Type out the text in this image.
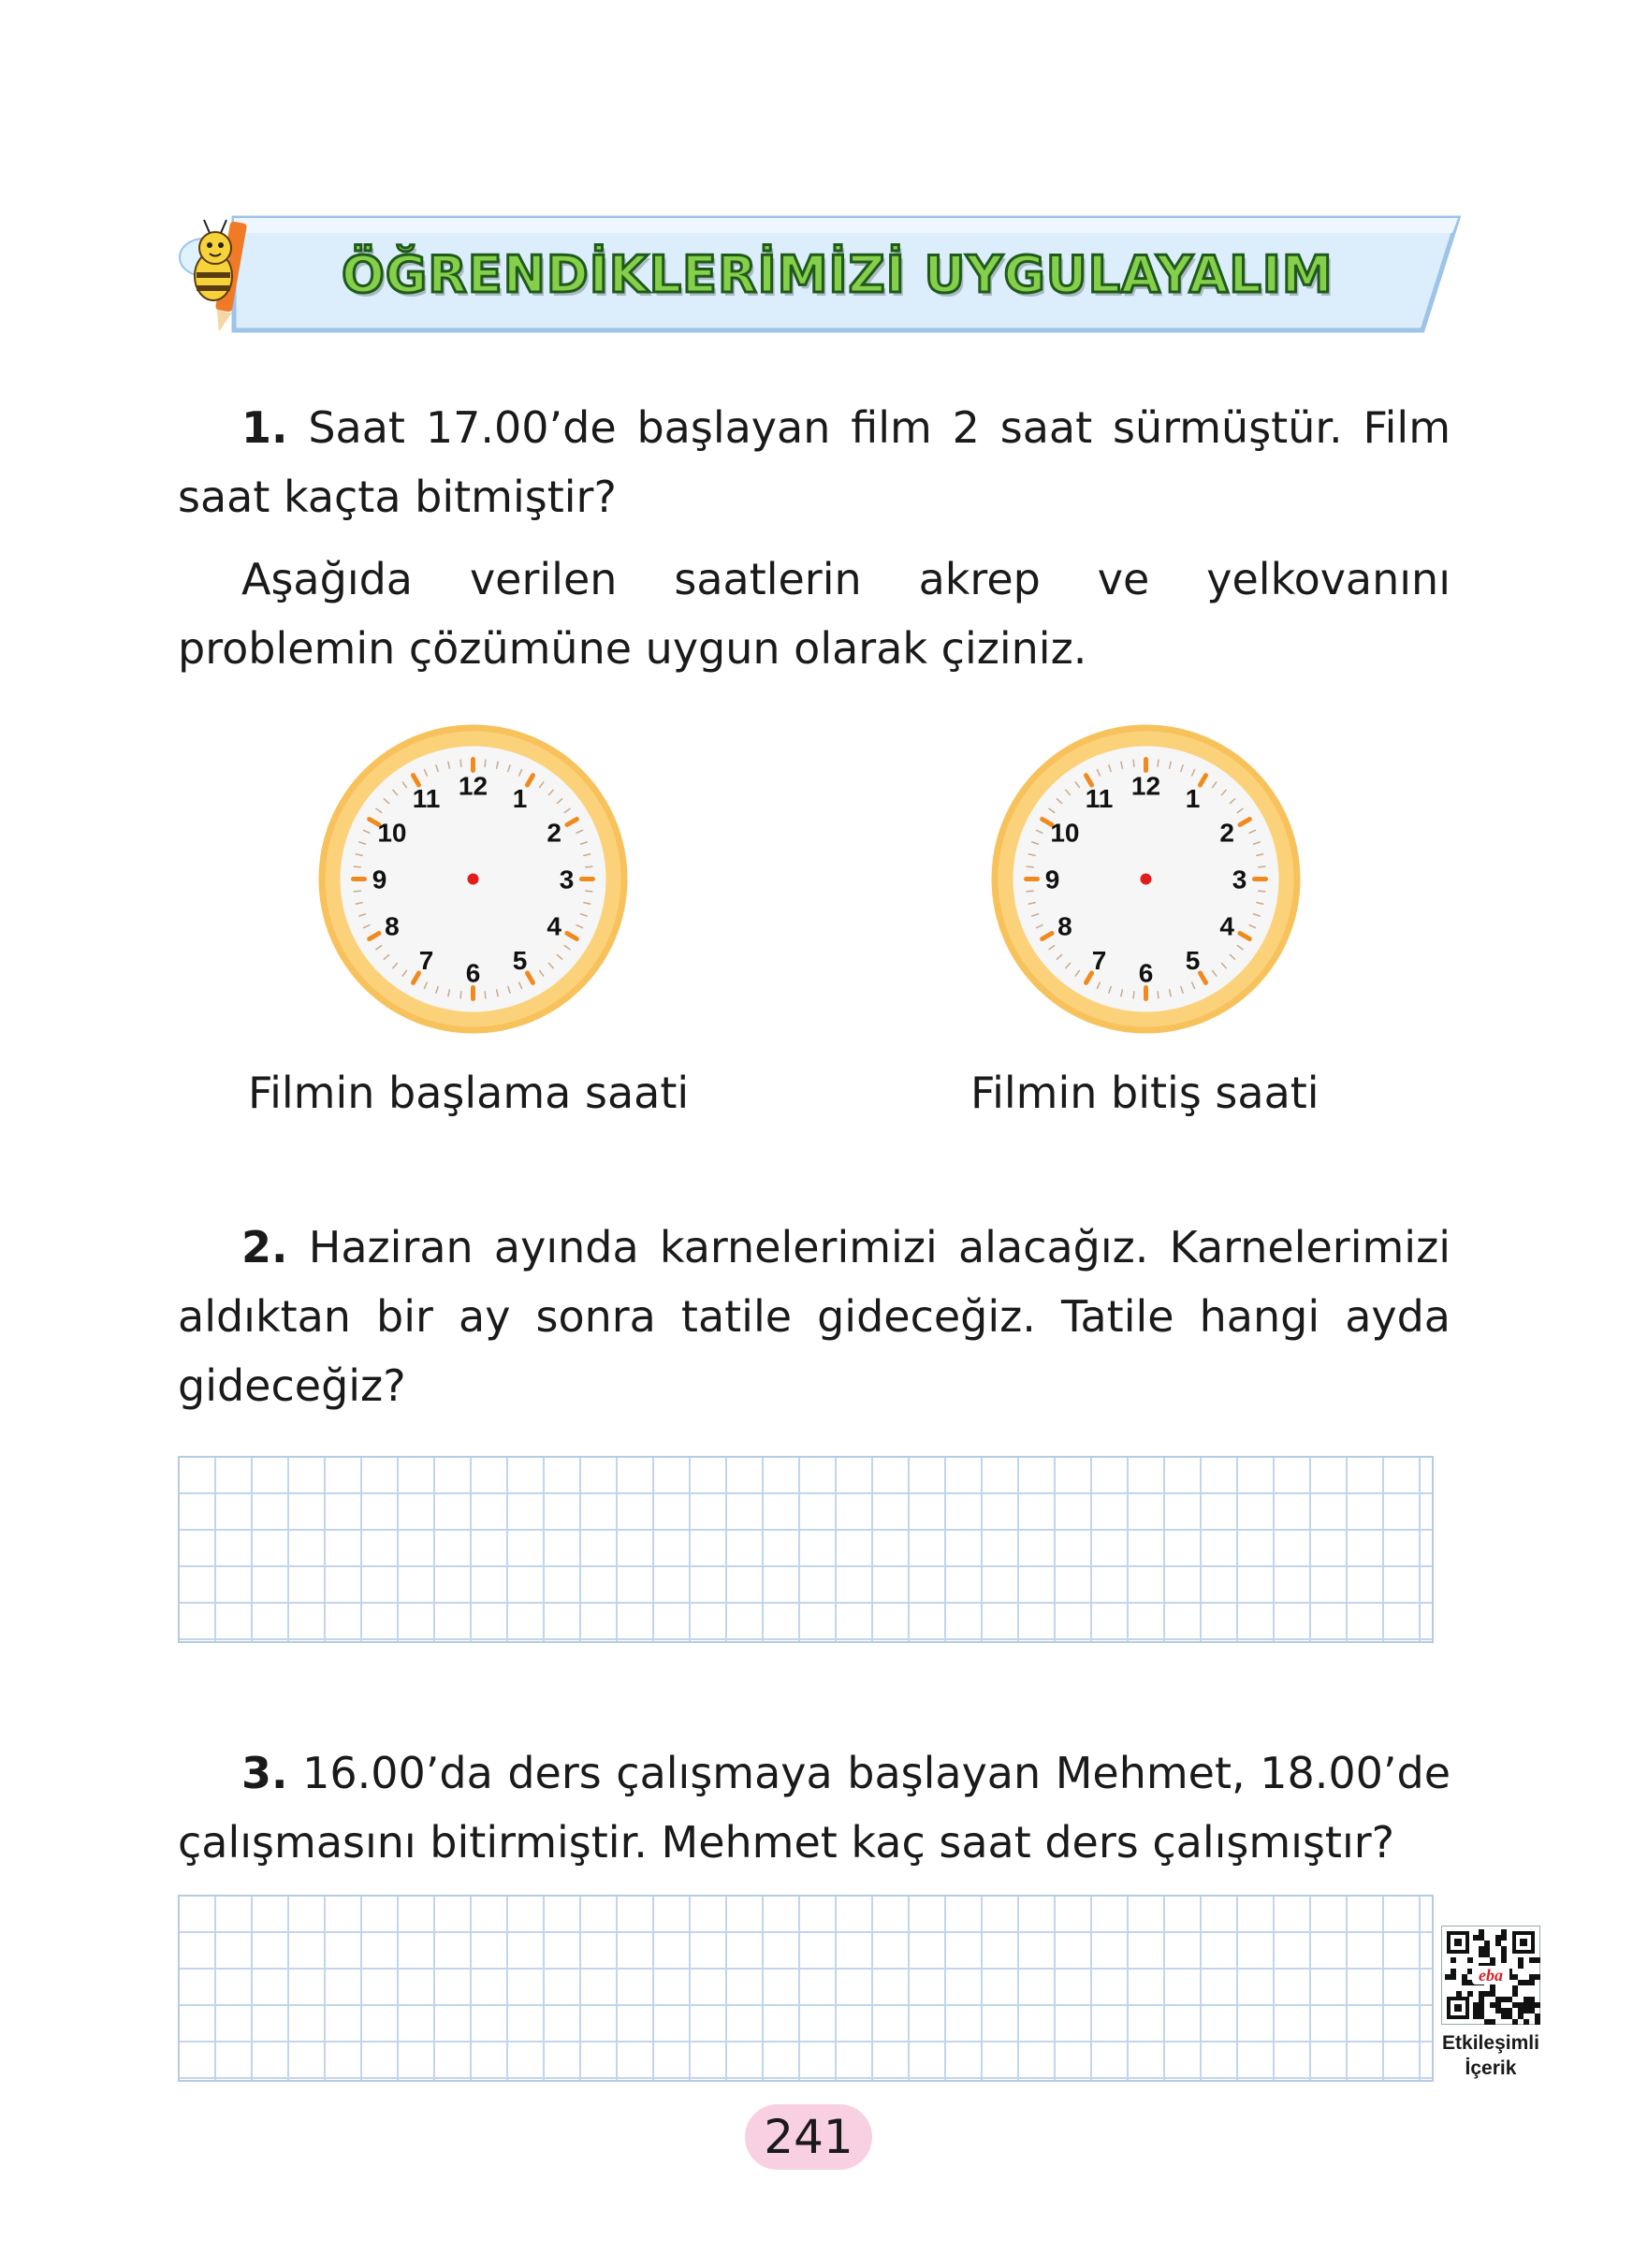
ÖĞRENDİKLERİMİZİ UYGULAYALIM
1. Saat 17.00’de başlayan film 2 saat sürmüştür. Film saat kaçta bitmiştir?
Aşağıda verilen saatlerin akrep ve yelkovanını problemin çözümüne uygun olarak çiziniz.
12 1
2
3
4
5
6
7
8
9
10
11	12 1
2
3
4
5
6
7
8
9
10
11
Filmin başlama saati	Filmin bitiş saati
2. Haziran ayında karnelerimizi alacağız. Karnelerimizi aldıktan bir ay sonra tatile gideceğiz. Tatile hangi ayda gideceğiz?
3. 16.00’da ders çalışmaya başlayan Mehmet, 18.00’de çalışmasını bitirmiştir. Mehmet kaç saat ders çalışmıştır?
eba
Etkileşimli
İçerik
241
